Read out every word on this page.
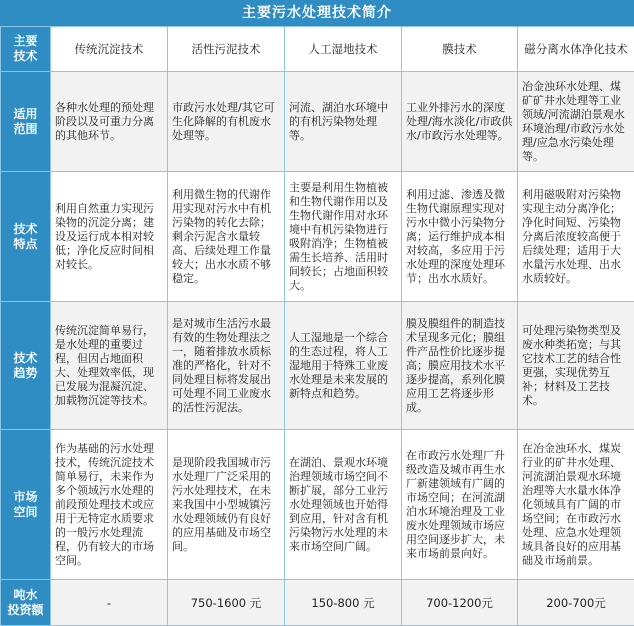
主要污水处理技术简介
主要
技术	传统沉淀技术	活性污泥技术	人工湿地技术	膜技术	磁分离水体净化技术
适用
范围	各种水处理的预处理阶段以及可重力分离的其他环节。	市政污水处理/其它可生化降解的有机废水处理等。	河流、湖泊水环境中的有机污染物处理等。	工业外排污水的深度处理/海水淡化/市政供水/市政污水处理等。	冶金浊环水处理、煤矿矿井水处理等工业领域/河流湖泊景观水环境治理/市政污水处理/应急水污染处理等。
技术
特点	利用自然重力实现污染物的沉淀分离；建设及运行成本相对较低；净化反应时间相对较长。	利用微生物的代谢作用实现对污水中有机污染物的转化去除；剩余污泥含水量较高、后续处理工作量较大；出水水质不够稳定。	主要是利用生物植被和生物代谢作用以及生物代谢作用对水环境中有机污染物进行吸附消净；生物植被需生长培养、活用时间较长；占地面积较大。	利用过滤、渗透及微生物代谢原理实现对污水中微小污染物分离；运行维护成本相对较高，多应用于污水处理的深度处理环节；出水水质好。	利用磁吸附对污染物实现主动分离净化；净化时间短、污染物分离后浓度较高便于后续处理；适用于大水量污水处理、出水水质较好。
技术
趋势	传统沉淀简单易行，是水处理的重要过程，但因占地面积大、处理效率低，现已发展为混凝沉淀、加载物沉淀等技术。	是对城市生活污水最有效的生物处理法之一，随着排放水质标准的严格化，针对不同处理目标将发展出可处理不同工业废水的活性污泥法。	人工湿地是一个综合的生态过程，将人工湿地用于特殊工业废水处理是未来发展的新特点和趋势。	膜及膜组件的制造技术呈现多元化；膜组件产品性价比逐步提高；膜应用技术水平逐步提高，系列化膜应用工艺将逐步形成。	可处理污染物类型及废水种类拓宽；与其它技术工艺的结合性更强，实现优势互补；材料及工艺技术。
市场
空间	作为基础的污水处理技术，传统沉淀技术简单易行，未来作为多个领域污水处理的前段预处理技术或应用于无特定水质要求的一般污水处理流程，仍有较大的市场空间。	是现阶段我国城市污水处理厂广泛采用的污水处理技术，在未来我国中小型城镇污水处理领域仍有良好的应用基础及市场空间。	在湖泊、景观水环境治理领域市场空间不断扩展，部分工业污水处理领域也开始得到应用，针对含有机污染物污水处理的未来市场空间广阔。	在市政污水处理厂升级改造及城市再生水厂新建领域有广阔的市场空间；在河流湖泊水环境治理及工业废水处理领域市场应用空间逐步扩大，未来市场前景向好。	在冶金浊环水、煤炭行业的矿井水处理、河流湖泊景观水环境治理等大水量水体净化领域具有广阔的市场空间；在市政污水处理、应急水处理领域具备良好的应用基础及市场前景。
吨水
投资额	-	750-1600 元	150-800 元	700-1200元	200-700元
